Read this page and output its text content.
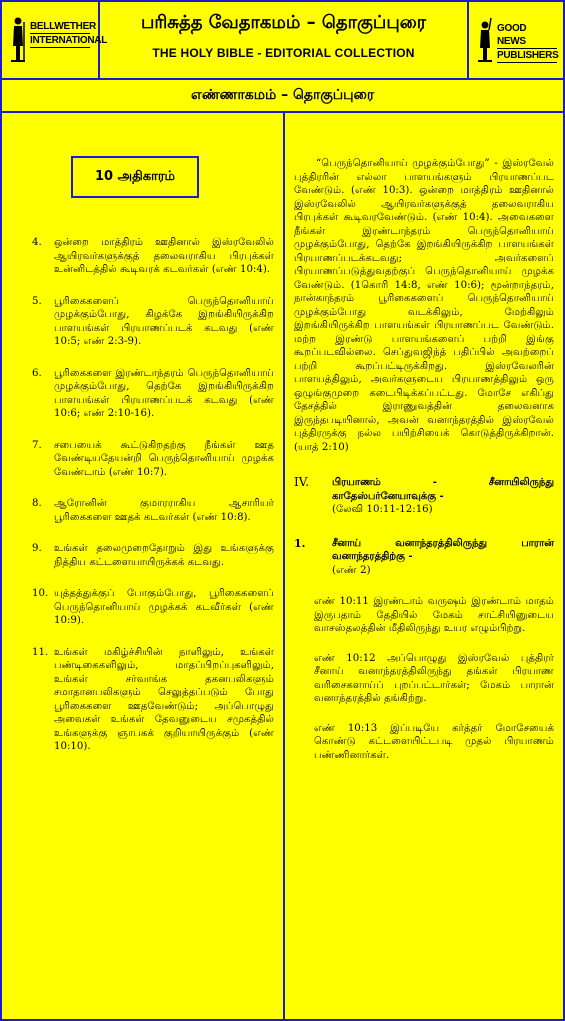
BELLWETHER
INTERNATIONAL
பரிசுத்த வேதாகமம் – தொகுப்புரை
THE HOLY BIBLE - EDITORIAL COLLECTION
GOOD NEWS
PUBLISHERS
எண்ணாகமம் – தொகுப்புரை
10 அதிகாரம்
4.	ஒன்றை மாத்திரம் ஊதினால் இஸ்ரவேலில் ஆயிரவர்களுக்குத் தலைவராகிய பிரபுக்கள் உன்னிடத்தில் கூடிவரக் கடவர்கள் (எண் 10:4).
5.	பூரிகைகளைப் பெருந்தொனியாய் முழக்கும்போது, கிழக்கே இறங்கியிருக்கிற பாளயங்கள் பிரயாணப்படக் கடவது (எண் 10:5; எண் 2:3-9).
6.	பூரிகைகளை இரண்டாந்தரம் பெருந்தொனியாய் முழக்கும்போது, தெற்கே இறங்கியிருக்கிற பாளயங்கள் பிரயாணப்படக் கடவது (எண் 10:6; எண் 2:10-16).
7.	சபையைக் கூட்டுகிறதற்கு நீங்கள் ஊத வேண்டியதேயன்றி பெருந்தொனியாய் முழக்க வேண்டாம் (எண் 10:7).
8.	ஆரோனின் குமாரராகிய ஆசாரியர் பூரிகைகளை ஊதக் கடவர்கள் (எண் 10:8).
9.	உங்கள் தலைமுறைதோறும் இது உங்களுக்கு நித்திய கட்டளையாயிருக்கக் கடவது.
10. யுத்தத்துக்குப் போகும்போது, பூரிகைகளைப் பெருந்தொனியாய் முழக்கக் கடவீர்கள் (எண் 10:9).
11. உங்கள் மகிழ்ச்சியின் நாளிலும், உங்கள் பண்டிகைகளிலும், மாதப்பிறப்புகளிலும், உங்கள் சர்வாங்க தகனபலிகளும் சமாதானபலிகளும் செலுத்தப்படும் போது பூரிகைகளை ஊதவேண்டும்; அப்பொழுது அவைகள் உங்கள் தேவனுடைய சமுகத்தில் உங்களுக்கு ஞாபகக் குறியாயிருக்கும் (எண் 10:10).

“பெருந்தொனியாய் முழக்கும்போது” - இஸ்ரவேல் புத்திரரின் எல்லா பாளயங்களும் பிரயாணப்பட வேண்டும். (எண் 10:3). ஒன்றை மாத்திரம் ஊதினால் இஸ்ரவேலில் ஆயிரவர்களுக்குத் தலைவராகிய பிரபுக்கள் கூடிவரவேண்டும். (எண் 10:4). அவைகளை நீங்கள் இரண்டாந்தரம் பெருந்தொனியாய் முழக்கும்போது, தெற்கே இறங்கியிருக்கிற பாளயங்கள் பிரயாணப்படக்கடவது; அவர்களைப் பிரயாணப்படுத்துவதற்குப் பெருந்தொனியாய் முழக்க வேண்டும். (1கொரி 14:8, எண் 10:6); மூன்றாந்தரம், நான்காந்தரம் பூரிகைகளைப் பெருந்தொனியாய் முழக்கும்போது வடக்கிலும், மேற்கிலும் இறங்கியிருக்கிற பாளயங்கள் பிரயாணப்பட வேண்டும். மற்ற இரண்டு பாளயங்களைப் பற்றி இங்கு கூறப்படவில்லை. செப்துவஜிந்த் பதிப்பில் அவற்றைப் பற்றி கூறப்பட்டிருக்கிறது. இஸ்ரவேலரின் பாளயத்திலும், அவர்களுடைய பிரயாணத்திலும் ஒரு ஒழுங்குமுறை கடைபிடிக்கப்பட்டது. மோசே எகிப்து தேசத்தில் இராணுவத்தின் தலைவனாக இருந்தபடியினால், அவன் வனாந்தரத்தில் இஸ்ரவேல் புத்திரருக்கு நல்ல பயிற்சியைக் கொடுத்திருக்கிறான். (யாத் 2:10)

IV.	பிரயாணம் - சீனாயிலிருந்து காதேஸ்பர்னேயாவுக்கு -
(லேவி 10:11-12:16)
1.	சீனாய் வனாந்தரத்திலிருந்து பாரான் வனாந்தரத்திற்கு -
(எண் 2)

எண் 10:11 இரண்டாம் வருஷம் இரண்டாம் மாதம் இருபதாம் தேதியில் மேகம் சாட்சியினுடைய வாசஸ்தலத்தின் மீதிலிருந்து உயர எழும்பிற்று.

எண் 10:12 அப்பொழுது இஸ்ரவேல் புத்திரர் சீனாய் வனாந்தரத்திலிருந்து தங்கள் பிரயாண வரிசைகளாய்ப் புறப்பட்டார்கள்; மேகம் பாரான் வனாந்தரத்தில் தங்கிற்று.

எண் 10:13 இப்படியே கர்த்தர் மோசேயைக் கொண்டு கட்டளையிட்டபடி முதல் பிரயாணம் பண்ணினார்கள்.
